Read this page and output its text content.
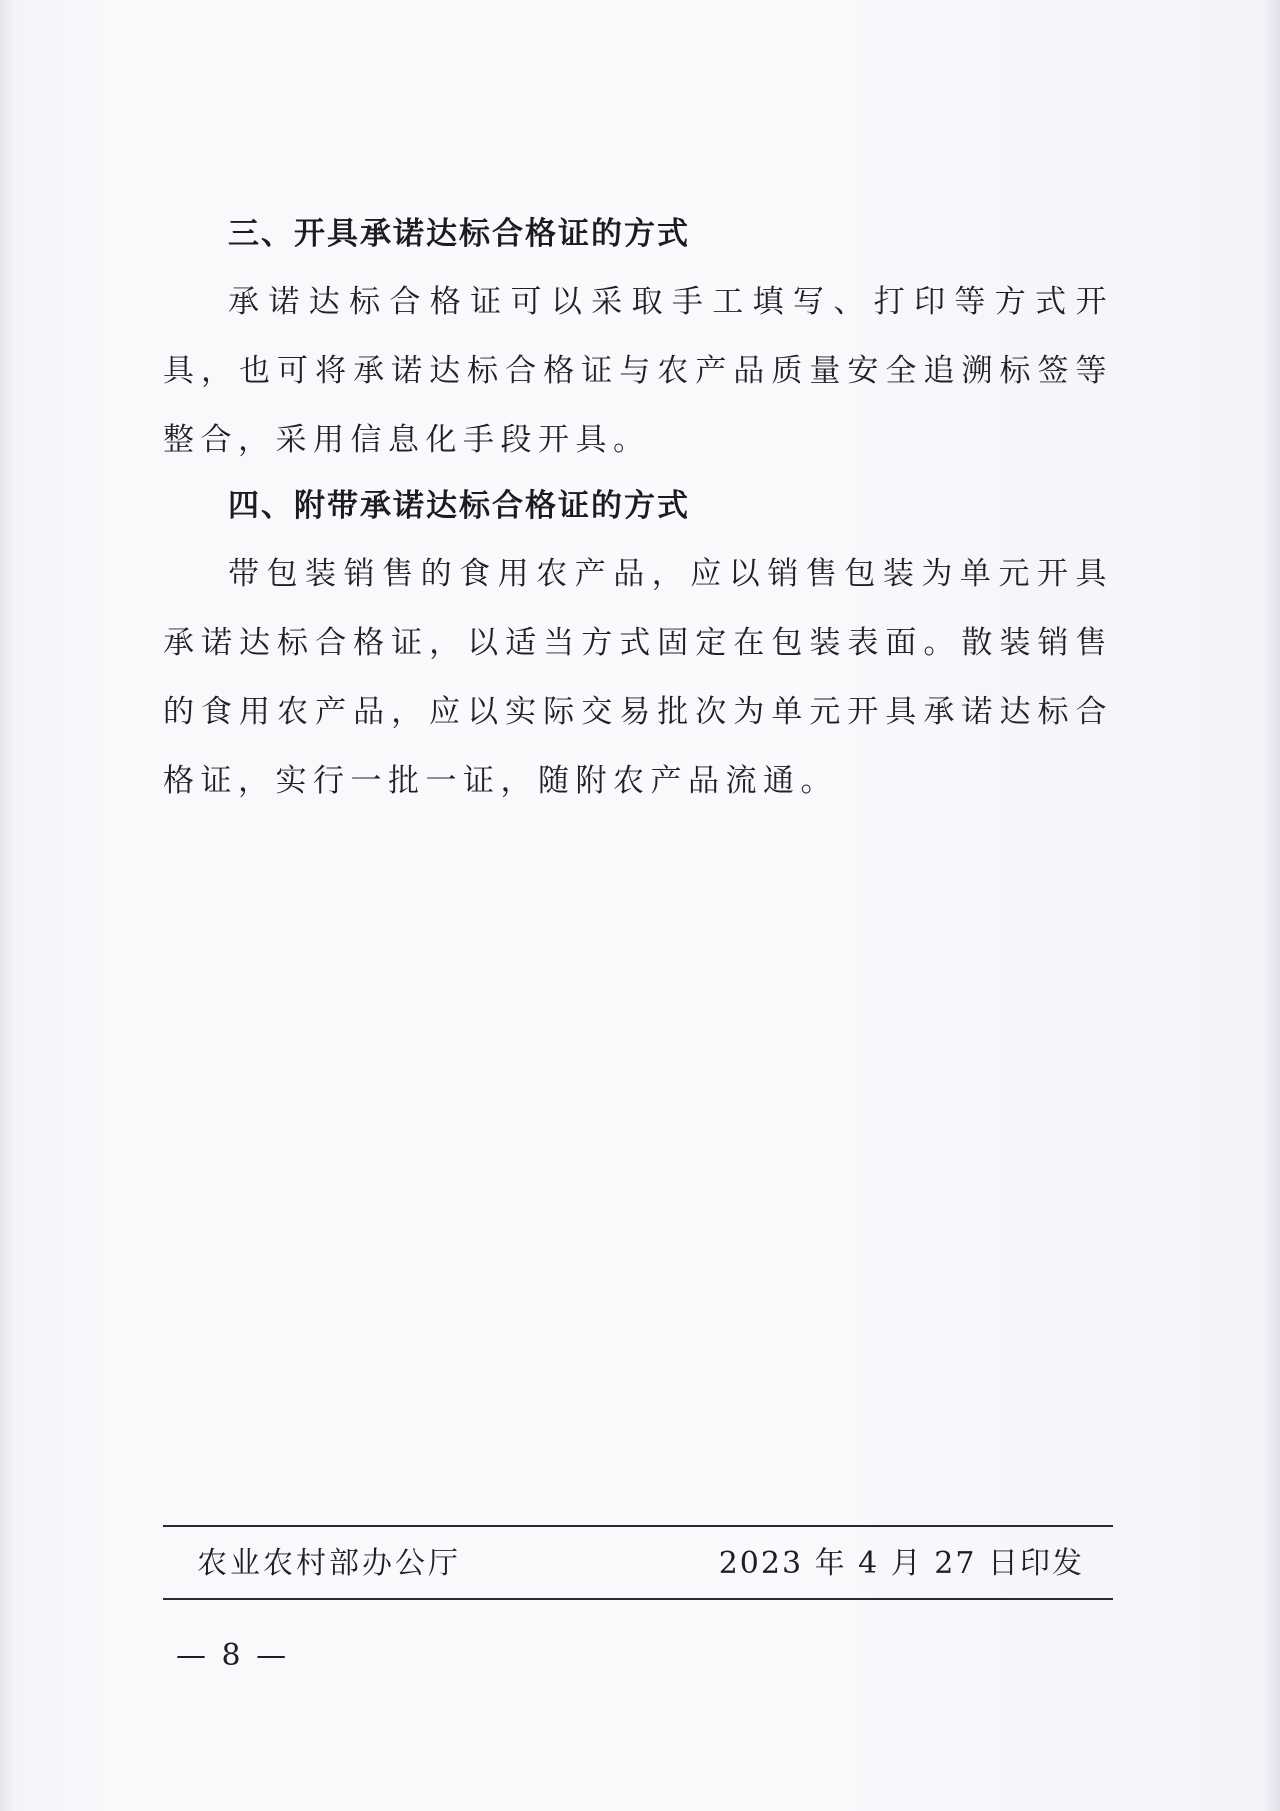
三、开具承诺达标合格证的方式
承诺达标合格证可以采取手工填写、打印等方式开具，也可将承诺达标合格证与农产品质量安全追溯标签等整合，采用信息化手段开具。
四、附带承诺达标合格证的方式
带包装销售的食用农产品，应以销售包装为单元开具承诺达标合格证，以适当方式固定在包装表面。散装销售的食用农产品，应以实际交易批次为单元开具承诺达标合格证，实行一批一证，随附农产品流通。
农业农村部办公厅	2023 年 4 月 27 日印发
— 8 —
